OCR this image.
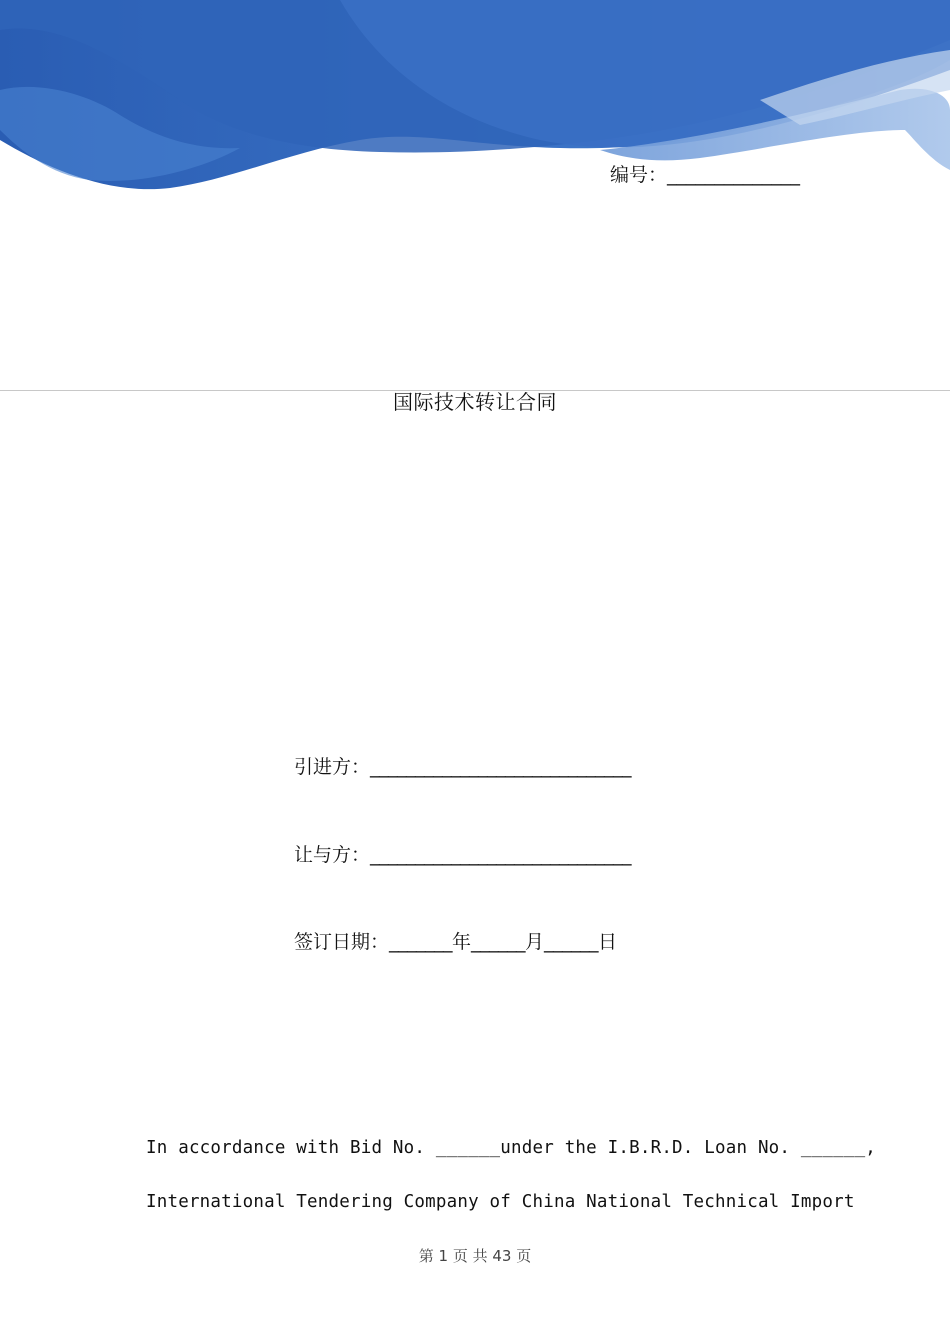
编号：______________
国际技术转让合同
引进方：_____________________________
让与方：_____________________________
签订日期：_______年______月______日
In accordance with Bid No. ______under the I.B.R.D. Loan No. ______,
International Tendering Company of China National Technical Import
第 1 页 共 43 页
